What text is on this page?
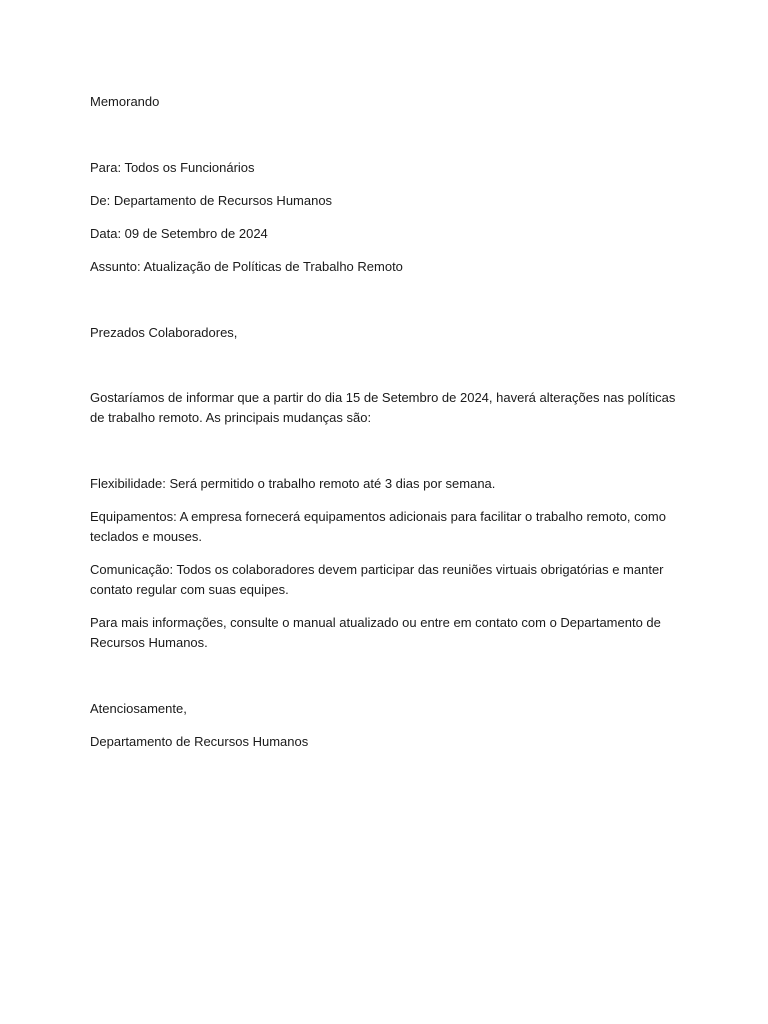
Memorando

Para: Todos os Funcionários

De: Departamento de Recursos Humanos

Data: 09 de Setembro de 2024

Assunto: Atualização de Políticas de Trabalho Remoto

Prezados Colaboradores,

Gostaríamos de informar que a partir do dia 15 de Setembro de 2024, haverá alterações nas políticas de trabalho remoto. As principais mudanças são:

Flexibilidade: Será permitido o trabalho remoto até 3 dias por semana.

Equipamentos: A empresa fornecerá equipamentos adicionais para facilitar o trabalho remoto, como teclados e mouses.

Comunicação: Todos os colaboradores devem participar das reuniões virtuais obrigatórias e manter contato regular com suas equipes.

Para mais informações, consulte o manual atualizado ou entre em contato com o Departamento de Recursos Humanos.

Atenciosamente,

Departamento de Recursos Humanos
